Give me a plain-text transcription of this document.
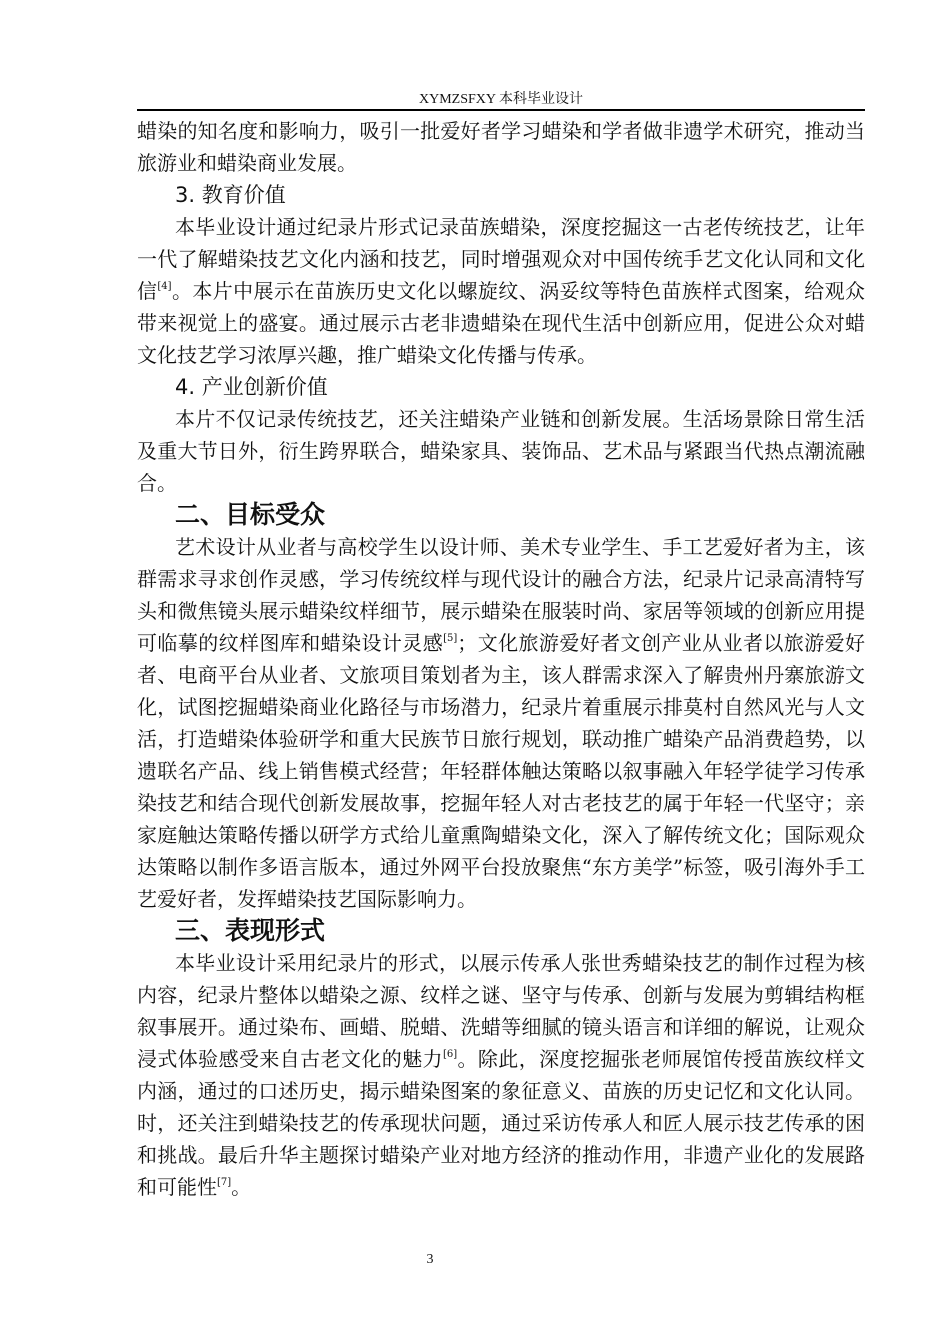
XYMZSFXY 本科毕业设计
蜡染的知名度和影响力，吸引一批爱好者学习蜡染和学者做非遗学术研究，推动当
旅游业和蜡染商业发展。
3. 教育价值
本毕业设计通过纪录片形式记录苗族蜡染，深度挖掘这一古老传统技艺，让年
一代了解蜡染技艺文化内涵和技艺，同时增强观众对中国传统手艺文化认同和文化
信[4]。本片中展示在苗族历史文化以螺旋纹、涡妥纹等特色苗族样式图案，给观众
带来视觉上的盛宴。通过展示古老非遗蜡染在现代生活中创新应用，促进公众对蜡
文化技艺学习浓厚兴趣，推广蜡染文化传播与传承。
4. 产业创新价值
本片不仅记录传统技艺，还关注蜡染产业链和创新发展。生活场景除日常生活
及重大节日外，衍生跨界联合，蜡染家具、装饰品、艺术品与紧跟当代热点潮流融
合。
二、目标受众
艺术设计从业者与高校学生以设计师、美术专业学生、手工艺爱好者为主，该
群需求寻求创作灵感，学习传统纹样与现代设计的融合方法，纪录片记录高清特写
头和微焦镜头展示蜡染纹样细节，展示蜡染在服装时尚、家居等领域的创新应用提
可临摹的纹样图库和蜡染设计灵感[5]；文化旅游爱好者文创产业从业者以旅游爱好
者、电商平台从业者、文旅项目策划者为主，该人群需求深入了解贵州丹寨旅游文
化，试图挖掘蜡染商业化路径与市场潜力，纪录片着重展示排莫村自然风光与人文
活，打造蜡染体验研学和重大民族节日旅行规划，联动推广蜡染产品消费趋势，以
遗联名产品、线上销售模式经营；年轻群体触达策略以叙事融入年轻学徒学习传承
染技艺和结合现代创新发展故事，挖掘年轻人对古老技艺的属于年轻一代坚守；亲
家庭触达策略传播以研学方式给儿童熏陶蜡染文化，深入了解传统文化；国际观众
达策略以制作多语言版本，通过外网平台投放聚焦“东方美学”标签，吸引海外手工
艺爱好者，发挥蜡染技艺国际影响力。
三、表现形式
本毕业设计采用纪录片的形式，以展示传承人张世秀蜡染技艺的制作过程为核
内容，纪录片整体以蜡染之源、纹样之谜、坚守与传承、创新与发展为剪辑结构框
叙事展开。通过染布、画蜡、脱蜡、洗蜡等细腻的镜头语言和详细的解说，让观众
浸式体验感受来自古老文化的魅力[6]。除此，深度挖掘张老师展馆传授苗族纹样文
内涵，通过的口述历史，揭示蜡染图案的象征意义、苗族的历史记忆和文化认同。
时，还关注到蜡染技艺的传承现状问题，通过采访传承人和匠人展示技艺传承的困
和挑战。最后升华主题探讨蜡染产业对地方经济的推动作用，非遗产业化的发展路
和可能性[7]。
3
